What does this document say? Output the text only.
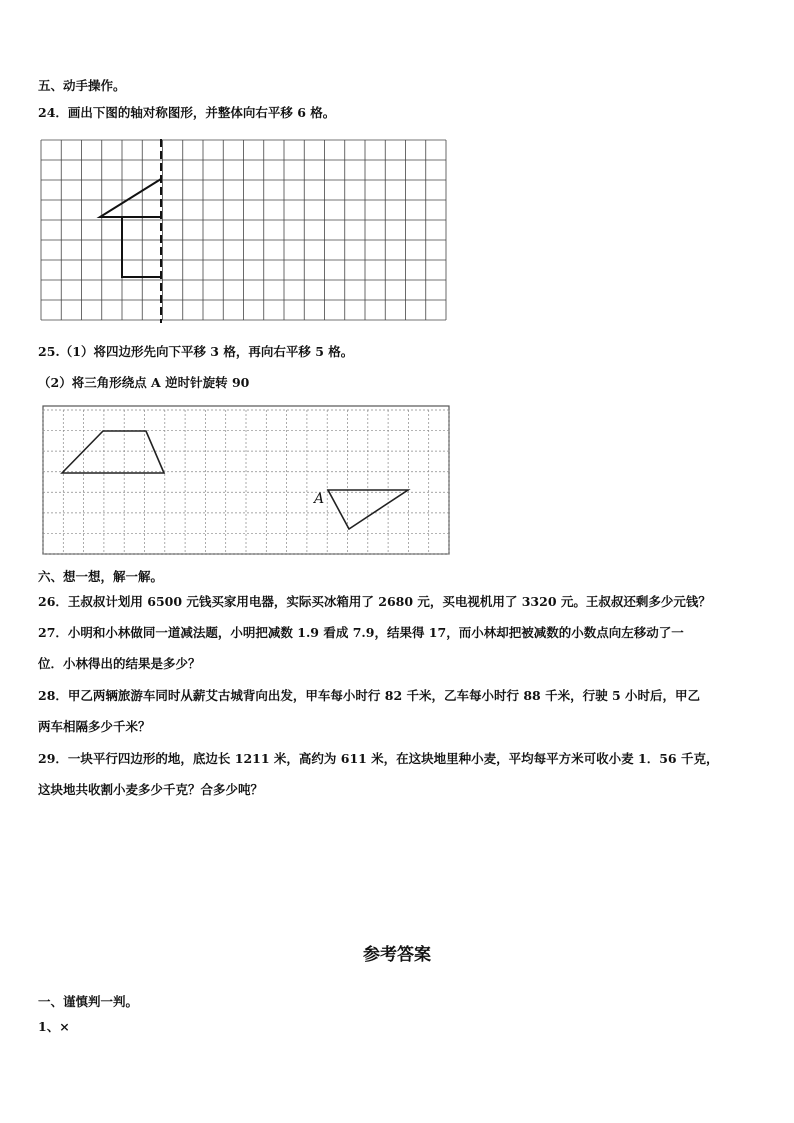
五、动手操作。
24．画出下图的轴对称图形，并整体向右平移 6 格。
25.（1）将四边形先向下平移 3 格，再向右平移 5 格。
（2）将三角形绕点 A 逆时针旋转 90
A
六、想一想，解一解。
26．王叔叔计划用 6500 元钱买家用电器，实际买冰箱用了 2680 元，买电视机用了 3320 元。王叔叔还剩多少元钱？
27．小明和小林做同一道减法题，小明把减数 1.9 看成 7.9，结果得 17，而小林却把被减数的小数点向左移动了一
位．小林得出的结果是多少？
28．甲乙两辆旅游车同时从薪艾古城背向出发，甲车每小时行 82 千米，乙车每小时行 88 千米，行驶 5 小时后，甲乙
两车相隔多少千米？
29．一块平行四边形的地，底边长 1211 米，高约为 611 米，在这块地里种小麦，平均每平方米可收小麦 1．56 千克，
这块地共收割小麦多少千克？合多少吨？
参考答案
一、谨慎判一判。
1、×
